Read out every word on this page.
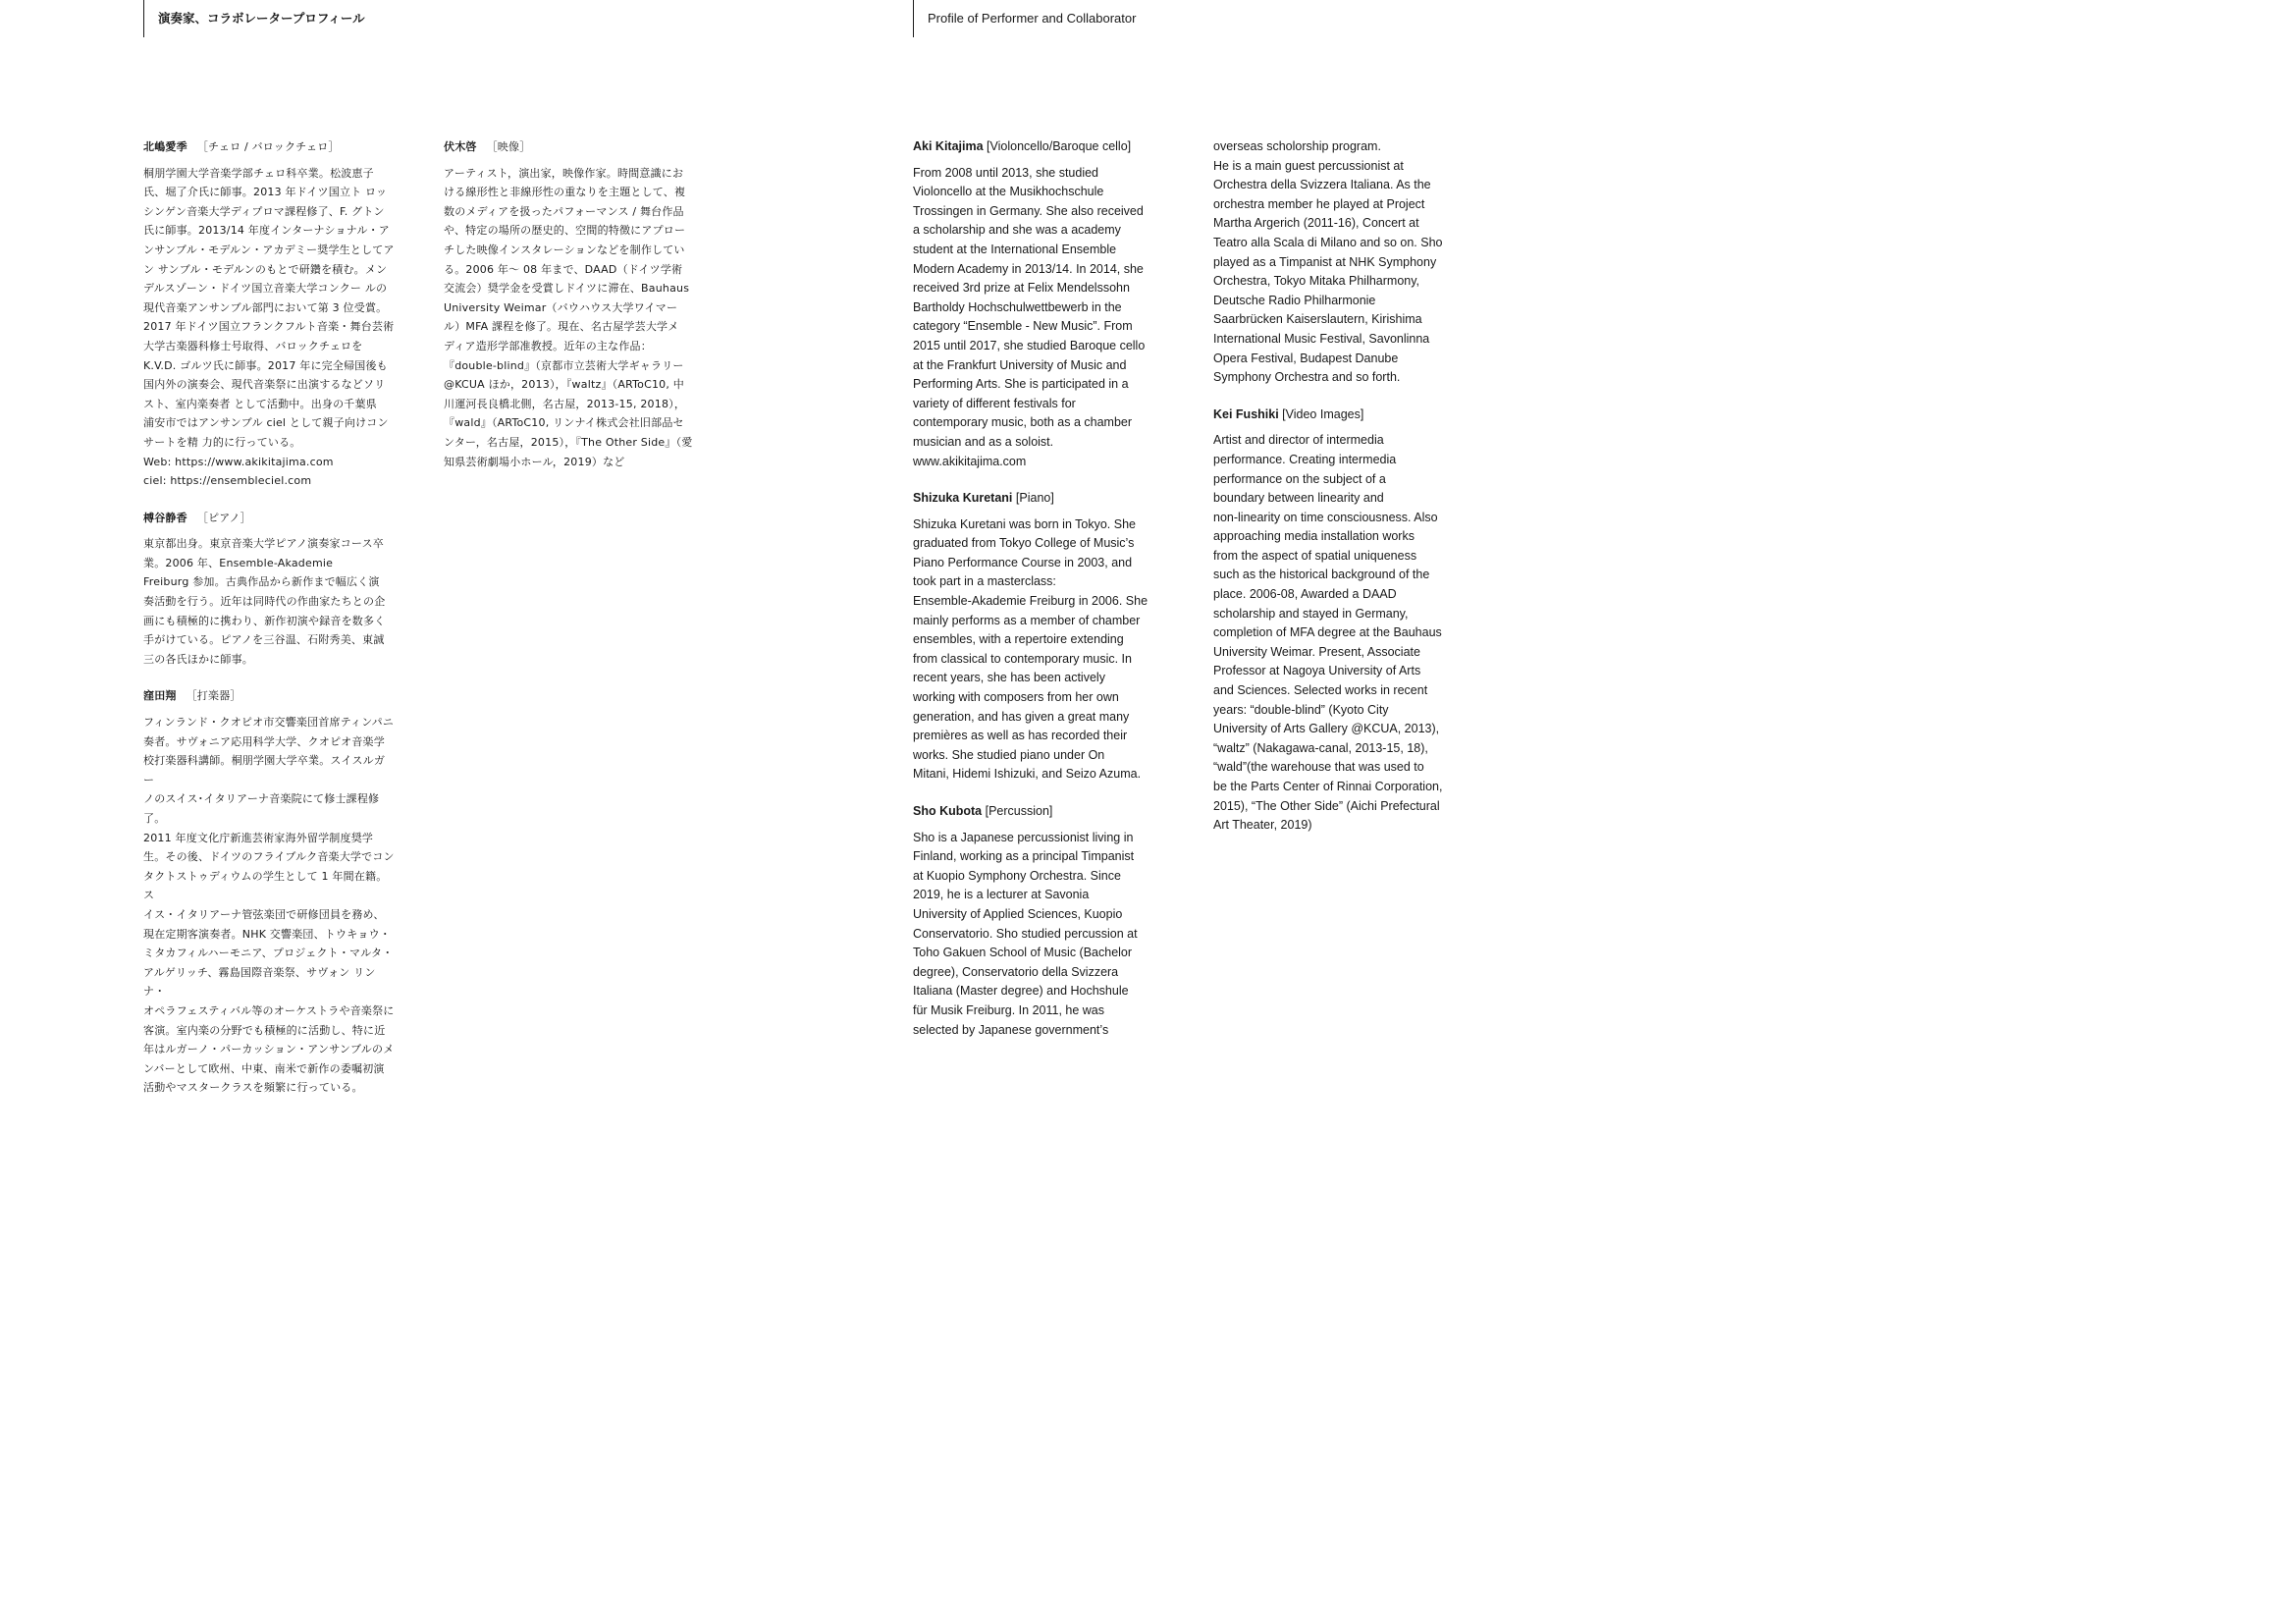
演奏家、コラボレータープロフィール	Profile of Performer and Collaborator
北嶋愛季 ［チェロ / バロックチェロ］

桐朋学園大学音楽学部チェロ科卒業。松波恵子
氏、堀了介氏に師事。2013 年ドイツ国立ト ロッ
シンゲン音楽大学ディプロマ課程修了、F. グトン
氏に師事。2013/14 年度インターナショナル・ア
ンサンブル・モデルン・アカデミー奨学生としてア
ン サンブル・モデルンのもとで研鑽を積む。メン
デルスゾーン・ドイツ国立音楽大学コンクー ルの
現代音楽アンサンブル部門において第 3 位受賞。
2017 年ドイツ国立フランクフルト音楽・舞台芸術
大学古楽器科修士号取得、バロックチェロを
K.V.D. ゴルツ氏に師事。2017 年に完全帰国後も
国内外の演奏会、現代音楽祭に出演するなどソリ
スト、室内楽奏者 として活動中。出身の千葉県
浦安市ではアンサンブル ciel として親子向けコン
サートを精 力的に行っている。
Web: https://www.akikitajima.com
ciel: https://ensembleciel.com

榑谷静香 ［ピアノ］

東京都出身。東京音楽大学ピアノ演奏家コース卒
業。2006 年、Ensemble-Akademie
Freiburg 参加。古典作品から新作まで幅広く演
奏活動を行う。近年は同時代の作曲家たちとの企
画にも積極的に携わり、新作初演や録音を数多く
手がけている。ピアノを三谷温、石附秀美、東誠
三の各氏ほかに師事。

窪田翔 ［打楽器］

フィンランド・クオピオ市交響楽団首席ティンパニ
奏者。サヴォニア応用科学大学、クオピオ音楽学
校打楽器科講師。桐朋学園大学卒業。スイスルガー
ノのスイス･イタリアーナ音楽院にて修士課程修了。
2011 年度文化庁新進芸術家海外留学制度奨学
生。その後、ドイツのフライブルク音楽大学でコン
タクトストゥディウムの学生として 1 年間在籍。ス
イス・イタリアーナ管弦楽団で研修団員を務め、
現在定期客演奏者。NHK 交響楽団、トウキョウ・
ミタカフィルハーモニア、プロジェクト・マルタ・
アルゲリッチ、霧島国際音楽祭、サヴォン リンナ・
オペラフェスティバル等のオーケストラや音楽祭に
客演。室内楽の分野でも積極的に活動し、特に近
年はルガーノ・パーカッション・アンサンブルのメ
ンバーとして欧州、中東、南米で新作の委嘱初演
活動やマスタークラスを頻繁に行っている。

伏木啓 ［映像］

アーティスト，演出家，映像作家。時間意識にお
ける線形性と非線形性の重なりを主題として、複
数のメディアを扱ったパフォーマンス / 舞台作品
や、特定の場所の歴史的、空間的特徴にアプロー
チした映像インスタレーションなどを制作してい
る。2006 年～ 08 年まで、DAAD（ドイツ学術
交流会）奨学金を受賞しドイツに滞在、Bauhaus
University Weimar（バウハウス大学ワイマー
ル）MFA 課程を修了。現在、名古屋学芸大学メ
ディア造形学部准教授。近年の主な作品：
『double-blind』（京都市立芸術大学ギャラリー
@KCUA ほか，2013），『waltz』（ARToC10, 中
川運河長良橋北側，名古屋，2013-15, 2018），
『wald』（ARToC10, リンナイ株式会社旧部品セ
ンター，名古屋，2015），『The Other Side』（愛
知県芸術劇場小ホール，2019）など

Aki Kitajima [Violoncello/Baroque cello]

From 2008 until 2013, she studied
Violoncello at the Musikhochschule
Trossingen in Germany. She also received
a scholarship and she was a academy
student at the International Ensemble
Modern Academy in 2013/14. In 2014, she
received 3rd prize at Felix Mendelssohn
Bartholdy Hochschulwettbewerb in the
category “Ensemble - New Music”. From
2015 until 2017, she studied Baroque cello
at the Frankfurt University of Music and
Performing Arts. She is participated in a
variety of different festivals for
contemporary music, both as a chamber
musician and as a soloist.
www.akikitajima.com

Shizuka Kuretani [Piano]

Shizuka Kuretani was born in Tokyo. She
graduated from Tokyo College of Music’s
Piano Performance Course in 2003, and
took part in a masterclass:
Ensemble-Akademie Freiburg in 2006. She
mainly performs as a member of chamber
ensembles, with a repertoire extending
from classical to contemporary music. In
recent years, she has been actively
working with composers from her own
generation, and has given a great many
premières as well as has recorded their
works. She studied piano under On
Mitani, Hidemi Ishizuki, and Seizo Azuma.

Sho Kubota [Percussion]

Sho is a Japanese percussionist living in
Finland, working as a principal Timpanist
at Kuopio Symphony Orchestra. Since
2019, he is a lecturer at Savonia
University of Applied Sciences, Kuopio
Conservatorio. Sho studied percussion at
Toho Gakuen School of Music (Bachelor
degree), Conservatorio della Svizzera
Italiana (Master degree) and Hochshule
für Musik Freiburg. In 2011, he was
selected by Japanese government’s

overseas scholorship program.
He is a main guest percussionist at
Orchestra della Svizzera Italiana. As the
orchestra member he played at Project
Martha Argerich (2011-16), Concert at
Teatro alla Scala di Milano and so on. Sho
played as a Timpanist at NHK Symphony
Orchestra, Tokyo Mitaka Philharmony,
Deutsche Radio Philharmonie
Saarbrücken Kaiserslautern, Kirishima
International Music Festival, Savonlinna
Opera Festival, Budapest Danube
Symphony Orchestra and so forth.

Kei Fushiki [Video Images]

Artist and director of intermedia
performance. Creating intermedia
performance on the subject of a
boundary between linearity and
non-linearity on time consciousness. Also
approaching media installation works
from the aspect of spatial uniqueness
such as the historical background of the
place. 2006-08, Awarded a DAAD
scholarship and stayed in Germany,
completion of MFA degree at the Bauhaus
University Weimar. Present, Associate
Professor at Nagoya University of Arts
and Sciences. Selected works in recent
years: “double-blind” (Kyoto City
University of Arts Gallery @KCUA, 2013),
“waltz” (Nakagawa-canal, 2013-15, 18),
“wald”(the warehouse that was used to
be the Parts Center of Rinnai Corporation,
2015), “The Other Side” (Aichi Prefectural
Art Theater, 2019)
